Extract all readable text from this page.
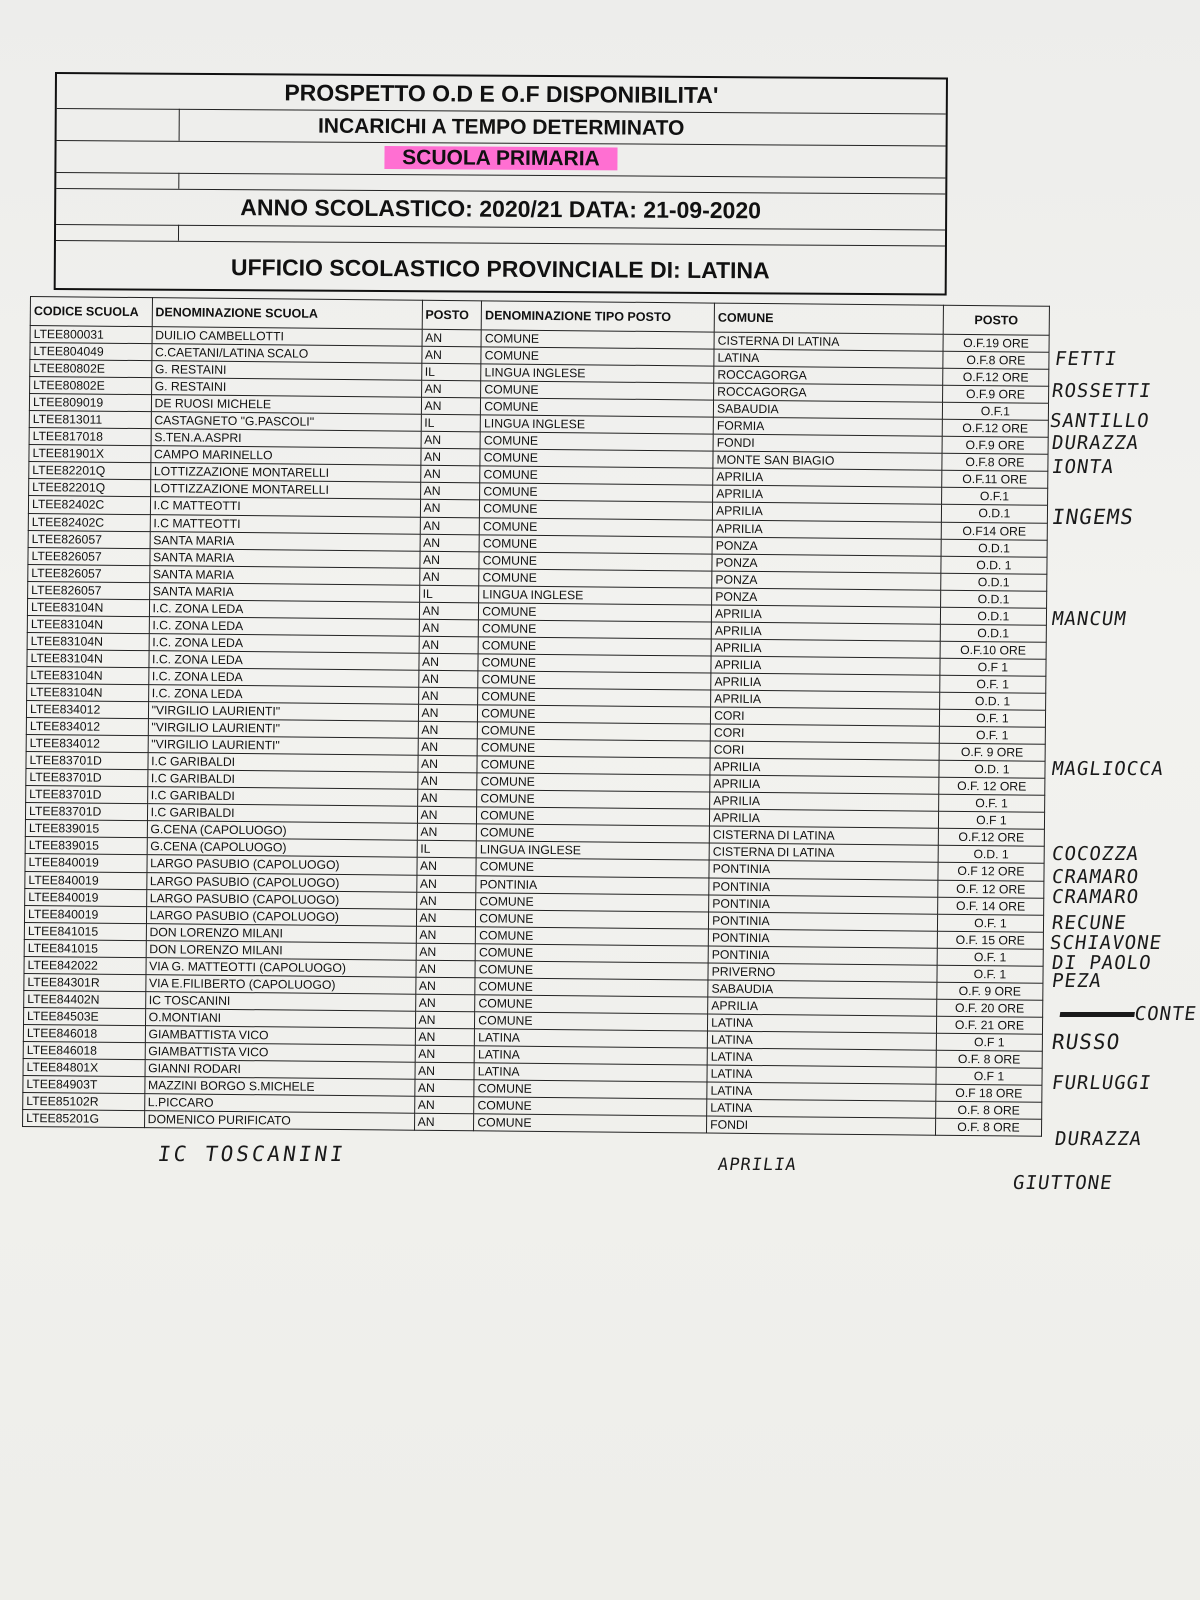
PROSPETTO O.D E O.F DISPONIBILITA'
INCARICHI A TEMPO DETERMINATO
SCUOLA PRIMARIA
ANNO SCOLASTICO: 2020/21 DATA: 21-09-2020
UFFICIO SCOLASTICO PROVINCIALE DI: LATINA
CODICE SCUOLA	DENOMINAZIONE SCUOLA	POSTO	DENOMINAZIONE TIPO POSTO	COMUNE	POSTO
LTEE800031	DUILIO CAMBELLOTTI	AN	COMUNE	CISTERNA DI LATINA	O.F.19 ORE
LTEE804049	C.CAETANI/LATINA SCALO	AN	COMUNE	LATINA	O.F.8 ORE
LTEE80802E	G. RESTAINI	IL	LINGUA INGLESE	ROCCAGORGA	O.F.12 ORE
LTEE80802E	G. RESTAINI	AN	COMUNE	ROCCAGORGA	O.F.9 ORE
LTEE809019	DE RUOSI MICHELE	AN	COMUNE	SABAUDIA	O.F.1
LTEE813011	CASTAGNETO "G.PASCOLI"	IL	LINGUA INGLESE	FORMIA	O.F.12 ORE
LTEE817018	S.TEN.A.ASPRI	AN	COMUNE	FONDI	O.F.9 ORE
LTEE81901X	CAMPO MARINELLO	AN	COMUNE	MONTE SAN BIAGIO	O.F.8 ORE
LTEE82201Q	LOTTIZZAZIONE MONTARELLI	AN	COMUNE	APRILIA	O.F.11 ORE
LTEE82201Q	LOTTIZZAZIONE MONTARELLI	AN	COMUNE	APRILIA	O.F.1
LTEE82402C	I.C MATTEOTTI	AN	COMUNE	APRILIA	O.D.1
LTEE82402C	I.C MATTEOTTI	AN	COMUNE	APRILIA	O.F14 ORE
LTEE826057	SANTA MARIA	AN	COMUNE	PONZA	O.D.1
LTEE826057	SANTA MARIA	AN	COMUNE	PONZA	O.D. 1
LTEE826057	SANTA MARIA	AN	COMUNE	PONZA	O.D.1
LTEE826057	SANTA MARIA	IL	LINGUA INGLESE	PONZA	O.D.1
LTEE83104N	I.C. ZONA LEDA	AN	COMUNE	APRILIA	O.D.1
LTEE83104N	I.C. ZONA LEDA	AN	COMUNE	APRILIA	O.D.1
LTEE83104N	I.C. ZONA LEDA	AN	COMUNE	APRILIA	O.F.10 ORE
LTEE83104N	I.C. ZONA LEDA	AN	COMUNE	APRILIA	O.F 1
LTEE83104N	I.C. ZONA LEDA	AN	COMUNE	APRILIA	O.F. 1
LTEE83104N	I.C. ZONA LEDA	AN	COMUNE	APRILIA	O.D. 1
LTEE834012	"VIRGILIO LAURIENTI"	AN	COMUNE	CORI	O.F. 1
LTEE834012	"VIRGILIO LAURIENTI"	AN	COMUNE	CORI	O.F. 1
LTEE834012	"VIRGILIO LAURIENTI"	AN	COMUNE	CORI	O.F. 9 ORE
LTEE83701D	I.C GARIBALDI	AN	COMUNE	APRILIA	O.D. 1
LTEE83701D	I.C GARIBALDI	AN	COMUNE	APRILIA	O.F. 12 ORE
LTEE83701D	I.C GARIBALDI	AN	COMUNE	APRILIA	O.F. 1
LTEE83701D	I.C GARIBALDI	AN	COMUNE	APRILIA	O.F 1
LTEE839015	G.CENA (CAPOLUOGO)	AN	COMUNE	CISTERNA DI LATINA	O.F.12 ORE
LTEE839015	G.CENA (CAPOLUOGO)	IL	LINGUA INGLESE	CISTERNA DI LATINA	O.D. 1
LTEE840019	LARGO PASUBIO (CAPOLUOGO)	AN	COMUNE	PONTINIA	O.F 12 ORE
LTEE840019	LARGO PASUBIO (CAPOLUOGO)	AN	PONTINIA	PONTINIA	O.F. 12 ORE
LTEE840019	LARGO PASUBIO (CAPOLUOGO)	AN	COMUNE	PONTINIA	O.F. 14 ORE
LTEE840019	LARGO PASUBIO (CAPOLUOGO)	AN	COMUNE	PONTINIA	O.F. 1
LTEE841015	DON LORENZO MILANI	AN	COMUNE	PONTINIA	O.F. 15 ORE
LTEE841015	DON LORENZO MILANI	AN	COMUNE	PONTINIA	O.F. 1
LTEE842022	VIA G. MATTEOTTI (CAPOLUOGO)	AN	COMUNE	PRIVERNO	O.F. 1
LTEE84301R	VIA E.FILIBERTO (CAPOLUOGO)	AN	COMUNE	SABAUDIA	O.F. 9 ORE
LTEE84402N	IC TOSCANINI	AN	COMUNE	APRILIA	O.F. 20 ORE
LTEE84503E	O.MONTIANI	AN	COMUNE	LATINA	O.F. 21 ORE
LTEE846018	GIAMBATTISTA VICO	AN	LATINA	LATINA	O.F 1
LTEE846018	GIAMBATTISTA VICO	AN	LATINA	LATINA	O.F. 8 ORE
LTEE84801X	GIANNI RODARI	AN	LATINA	LATINA	O.F 1
LTEE84903T	MAZZINI BORGO S.MICHELE	AN	COMUNE	LATINA	O.F 18 ORE
LTEE85102R	L.PICCARO	AN	COMUNE	LATINA	O.F. 8 ORE
LTEE85201G	DOMENICO PURIFICATO	AN	COMUNE	FONDI	O.F. 8 ORE
FETTI
ROSSETTI
SANTILLO
DURAZZA
IONTA
INGEMS
MANCUM
MAGLIOCCA
COCOZZA
CRAMARO
CRAMARO
RECUNE
SCHIAVONE
DI PAOLO
PEZA
CONTE
RUSSO
FURLUGGI
DURAZZA
GIUTTONE
IC TOSCANINI	APRILIA
